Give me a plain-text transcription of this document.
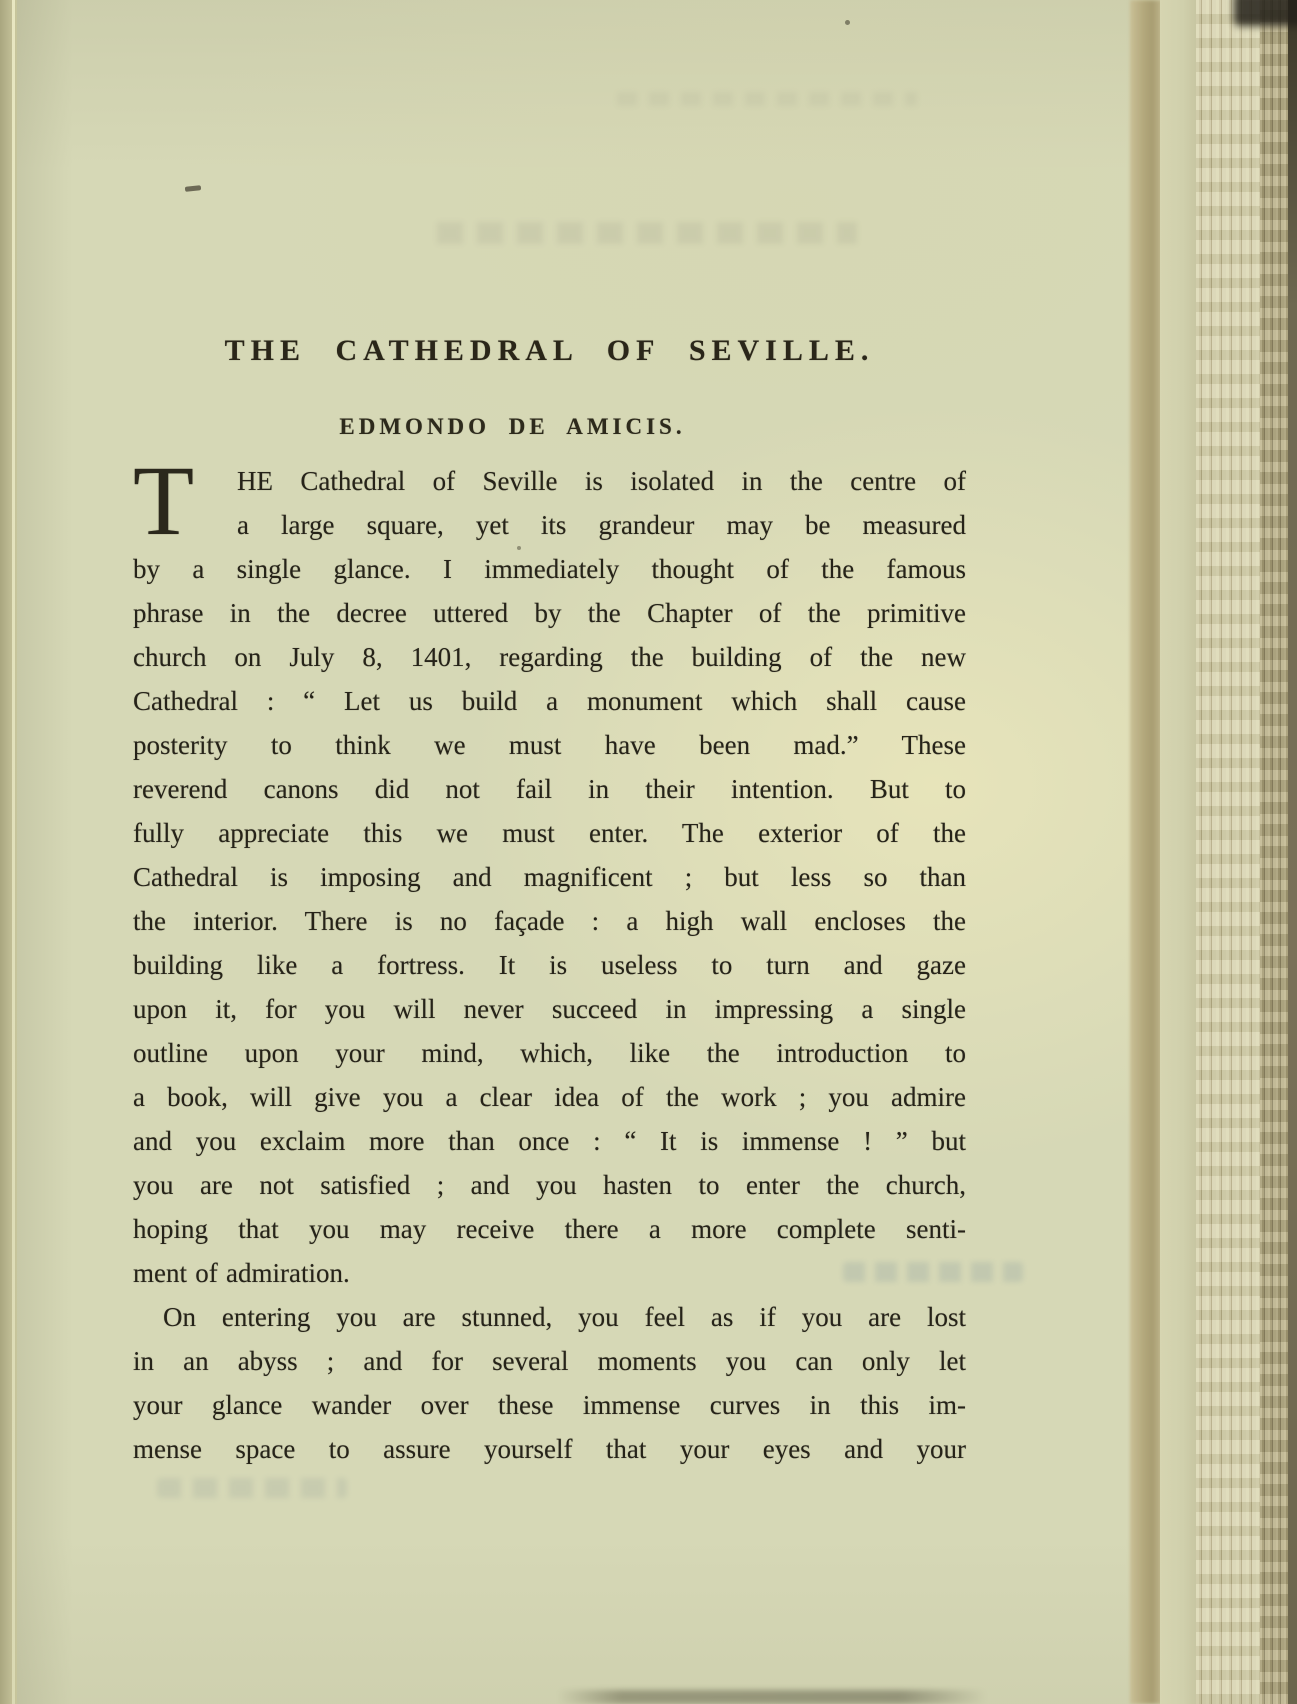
THE CATHEDRAL OF SEVILLE.
EDMONDO DE AMICIS.
T	HE Cathedral of Seville is isolated in the centre of
a large square, yet its grandeur may be measured
by a single glance. I immediately thought of the famous
phrase in the decree uttered by the Chapter of the primitive
church on July 8, 1401, regarding the building of the new
Cathedral : “ Let us build a monument which shall cause
posterity to think we must have been mad.” These
reverend canons did not fail in their intention. But to
fully appreciate this we must enter. The exterior of the
Cathedral is imposing and magnificent ; but less so than
the interior. There is no façade : a high wall encloses the
building like a fortress. It is useless to turn and gaze
upon it, for you will never succeed in impressing a single
outline upon your mind, which, like the introduction to
a book, will give you a clear idea of the work ; you admire
and you exclaim more than once : “ It is immense ! ” but
you are not satisfied ; and you hasten to enter the church,
hoping that you may receive there a more complete senti-
ment of admiration.
On entering you are stunned, you feel as if you are lost
in an abyss ; and for several moments you can only let
your glance wander over these immense curves in this im-
mense space to assure yourself that your eyes and your
